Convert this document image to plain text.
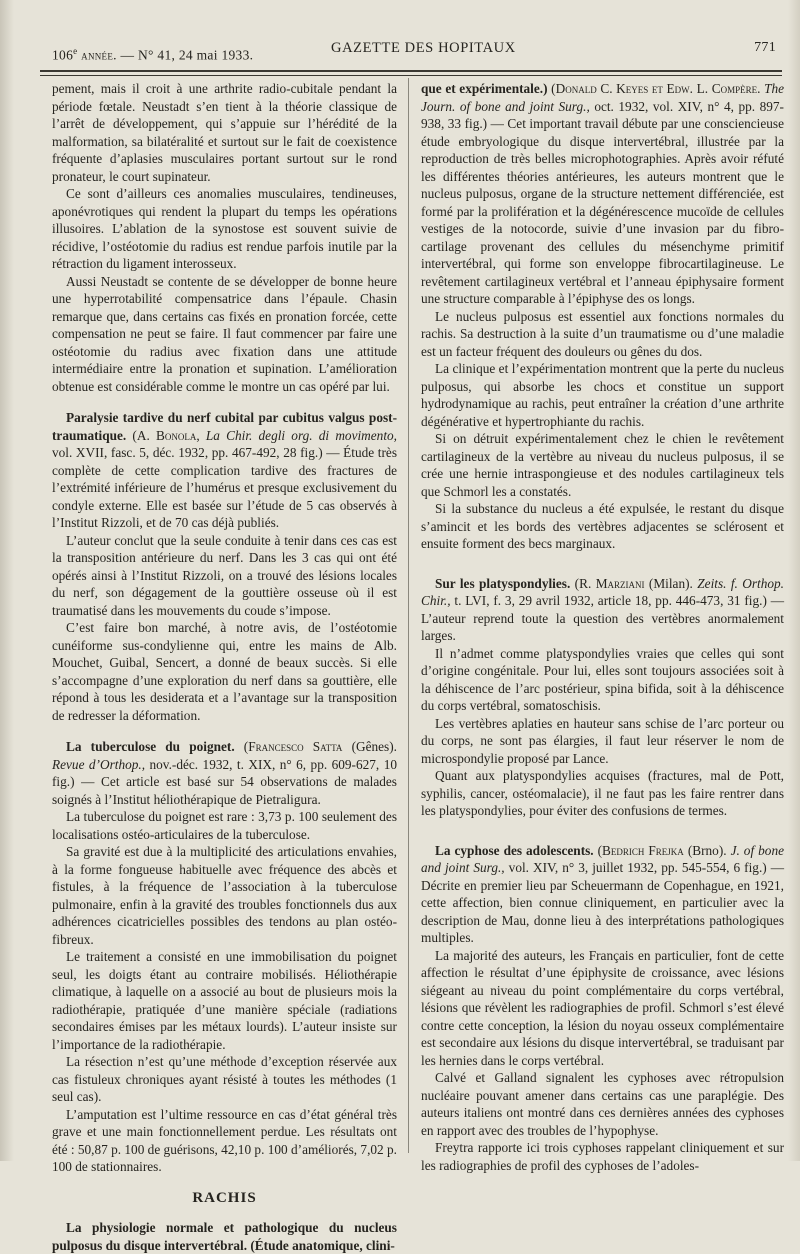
106e année. — N° 41, 24 mai 1933.	GAZETTE DES HOPITAUX	771

pement, mais il croit à une arthrite radio-cubitale pendant la période fœtale. Neustadt s’en tient à la théorie classique de l’arrêt de développement, qui s’appuie sur l’hérédité de la malformation, sa bilatéralité et surtout sur le fait de coexistence fréquente d’aplasies musculaires portant surtout sur le rond pronateur, le court supinateur.

Ce sont d’ailleurs ces anomalies musculaires, tendineuses, aponévrotiques qui rendent la plupart du temps les opérations illusoires. L’ablation de la synostose est souvent suivie de récidive, l’ostéotomie du radius est rendue parfois inutile par la rétraction du ligament interosseux.

Aussi Neustadt se contente de se développer de bonne heure une hyperrotabilité compensatrice dans l’épaule. Chasin remarque que, dans certains cas fixés en pronation forcée, cette compensation ne peut se faire. Il faut commencer par faire une ostéotomie du radius avec fixation dans une attitude intermédiaire entre la pronation et supination. L’amélioration obtenue est considérable comme le montre un cas opéré par lui.

Paralysie tardive du nerf cubital par cubitus valgus post-traumatique. (A. Bonola, La Chir. degli org. di movimento, vol. XVII, fasc. 5, déc. 1932, pp. 467-492, 28 fig.) — Étude très complète de cette complication tardive des fractures de l’extrémité inférieure de l’humérus et presque exclusivement du condyle externe. Elle est basée sur l’étude de 5 cas observés à l’Institut Rizzoli, et de 70 cas déjà publiés.

L’auteur conclut que la seule conduite à tenir dans ces cas est la transposition antérieure du nerf. Dans les 3 cas qui ont été opérés ainsi à l’Institut Rizzoli, on a trouvé des lésions locales du nerf, son dégagement de la gouttière osseuse où il est traumatisé dans les mouvements du coude s’impose.

C’est faire bon marché, à notre avis, de l’ostéotomie cunéiforme sus-condylienne qui, entre les mains de Alb. Mouchet, Guibal, Sencert, a donné de beaux succès. Si elle s’accompagne d’une exploration du nerf dans sa gouttière, elle répond à tous les desiderata et a l’avantage sur la transposition de redresser la déformation.

La tuberculose du poignet. (Francesco Satta (Gênes). Revue d’Orthop., nov.-déc. 1932, t. XIX, n° 6, pp. 609-627, 10 fig.) — Cet article est basé sur 54 observations de malades soignés à l’Institut héliothérapique de Pietraligura.

La tuberculose du poignet est rare : 3,73 p. 100 seulement des localisations ostéo-articulaires de la tuberculose.

Sa gravité est due à la multiplicité des articulations envahies, à la forme fongueuse habituelle avec fréquence des abcès et fistules, à la fréquence de l’association à la tuberculose pulmonaire, enfin à la gravité des troubles fonctionnels dus aux adhérences cicatricielles possibles des tendons au plan ostéo-fibreux.

Le traitement a consisté en une immobilisation du poignet seul, les doigts étant au contraire mobilisés. Héliothérapie climatique, à laquelle on a associé au bout de plusieurs mois la radiothérapie, pratiquée d’une manière spéciale (radiations secondaires émises par les métaux lourds). L’auteur insiste sur l’importance de la radiothérapie.

La résection n’est qu’une méthode d’exception réservée aux cas fistuleux chroniques ayant résisté à toutes les méthodes (1 seul cas).

L’amputation est l’ultime ressource en cas d’état général très grave et une main fonctionnellement perdue. Les résultats ont été : 50,87 p. 100 de guérisons, 42,10 p. 100 d’améliorés, 7,02 p. 100 de stationnaires.

RACHIS

La physiologie normale et pathologique du nucleus pulposus du disque intervertébral. (Étude anatomique, clini-

que et expérimentale.) (Donald C. Keyes et Edw. L. Compère. The Journ. of bone and joint Surg., oct. 1932, vol. XIV, n° 4, pp. 897-938, 33 fig.) — Cet important travail débute par une consciencieuse étude embryologique du disque intervertébral, illustrée par la reproduction de très belles microphotographies. Après avoir réfuté les différentes théories antérieures, les auteurs montrent que le nucleus pulposus, organe de la structure nettement différenciée, est formé par la prolifération et la dégénérescence mucoïde de cellules vestiges de la notocorde, suivie d’une invasion par du fibro-cartilage provenant des cellules du mésenchyme primitif intervertébral, qui forme son enveloppe fibrocartilagineuse. Le revêtement cartilagineux vertébral et l’anneau épiphysaire forment une structure comparable à l’épiphyse des os longs.

Le nucleus pulposus est essentiel aux fonctions normales du rachis. Sa destruction à la suite d’un traumatisme ou d’une maladie est un facteur fréquent des douleurs ou gênes du dos.

La clinique et l’expérimentation montrent que la perte du nucleus pulposus, qui absorbe les chocs et constitue un support hydrodynamique au rachis, peut entraîner la création d’une arthrite dégénérative et hypertrophiante du rachis.

Si on détruit expérimentalement chez le chien le revêtement cartilagineux de la vertèbre au niveau du nucleus pulposus, il se crée une hernie intraspongieuse et des nodules cartilagineux tels que Schmorl les a constatés.

Si la substance du nucleus a été expulsée, le restant du disque s’amincit et les bords des vertèbres adjacentes se sclérosent et ensuite forment des becs marginaux.

Sur les platyspondylies. (R. Marziani (Milan). Zeits. f. Orthop. Chir., t. LVI, f. 3, 29 avril 1932, article 18, pp. 446-473, 31 fig.) — L’auteur reprend toute la question des vertèbres anormalement larges.

Il n’admet comme platyspondylies vraies que celles qui sont d’origine congénitale. Pour lui, elles sont toujours associées soit à la déhiscence de l’arc postérieur, spina bifida, soit à la déhiscence du corps vertébral, somatoschisis.

Les vertèbres aplaties en hauteur sans schise de l’arc porteur ou du corps, ne sont pas élargies, il faut leur réserver le nom de microspondylie proposé par Lance.

Quant aux platyspondylies acquises (fractures, mal de Pott, syphilis, cancer, ostéomalacie), il ne faut pas les faire rentrer dans les platyspondylies, pour éviter des confusions de termes.

La cyphose des adolescents. (Bedrich Frejka (Brno). J. of bone and joint Surg., vol. XIV, n° 3, juillet 1932, pp. 545-554, 6 fig.) — Décrite en premier lieu par Scheuermann de Copenhague, en 1921, cette affection, bien connue cliniquement, en particulier avec la description de Mau, donne lieu à des interprétations pathologiques multiples.

La majorité des auteurs, les Français en particulier, font de cette affection le résultat d’une épiphysite de croissance, avec lésions siégeant au niveau du point complémentaire du corps vertébral, lésions que révèlent les radiographies de profil. Schmorl s’est élevé contre cette conception, la lésion du noyau osseux complémentaire est secondaire aux lésions du disque intervertébral, se traduisant par les hernies dans le corps vertébral.

Calvé et Galland signalent les cyphoses avec rétropulsion nucléaire pouvant amener dans certains cas une paraplégie. Des auteurs italiens ont montré dans ces dernières années des cyphoses en rapport avec des troubles de l’hypophyse.

Freytra rapporte ici trois cyphoses rappelant cliniquement et sur les radiographies de profil des cyphoses de l’adoles-
